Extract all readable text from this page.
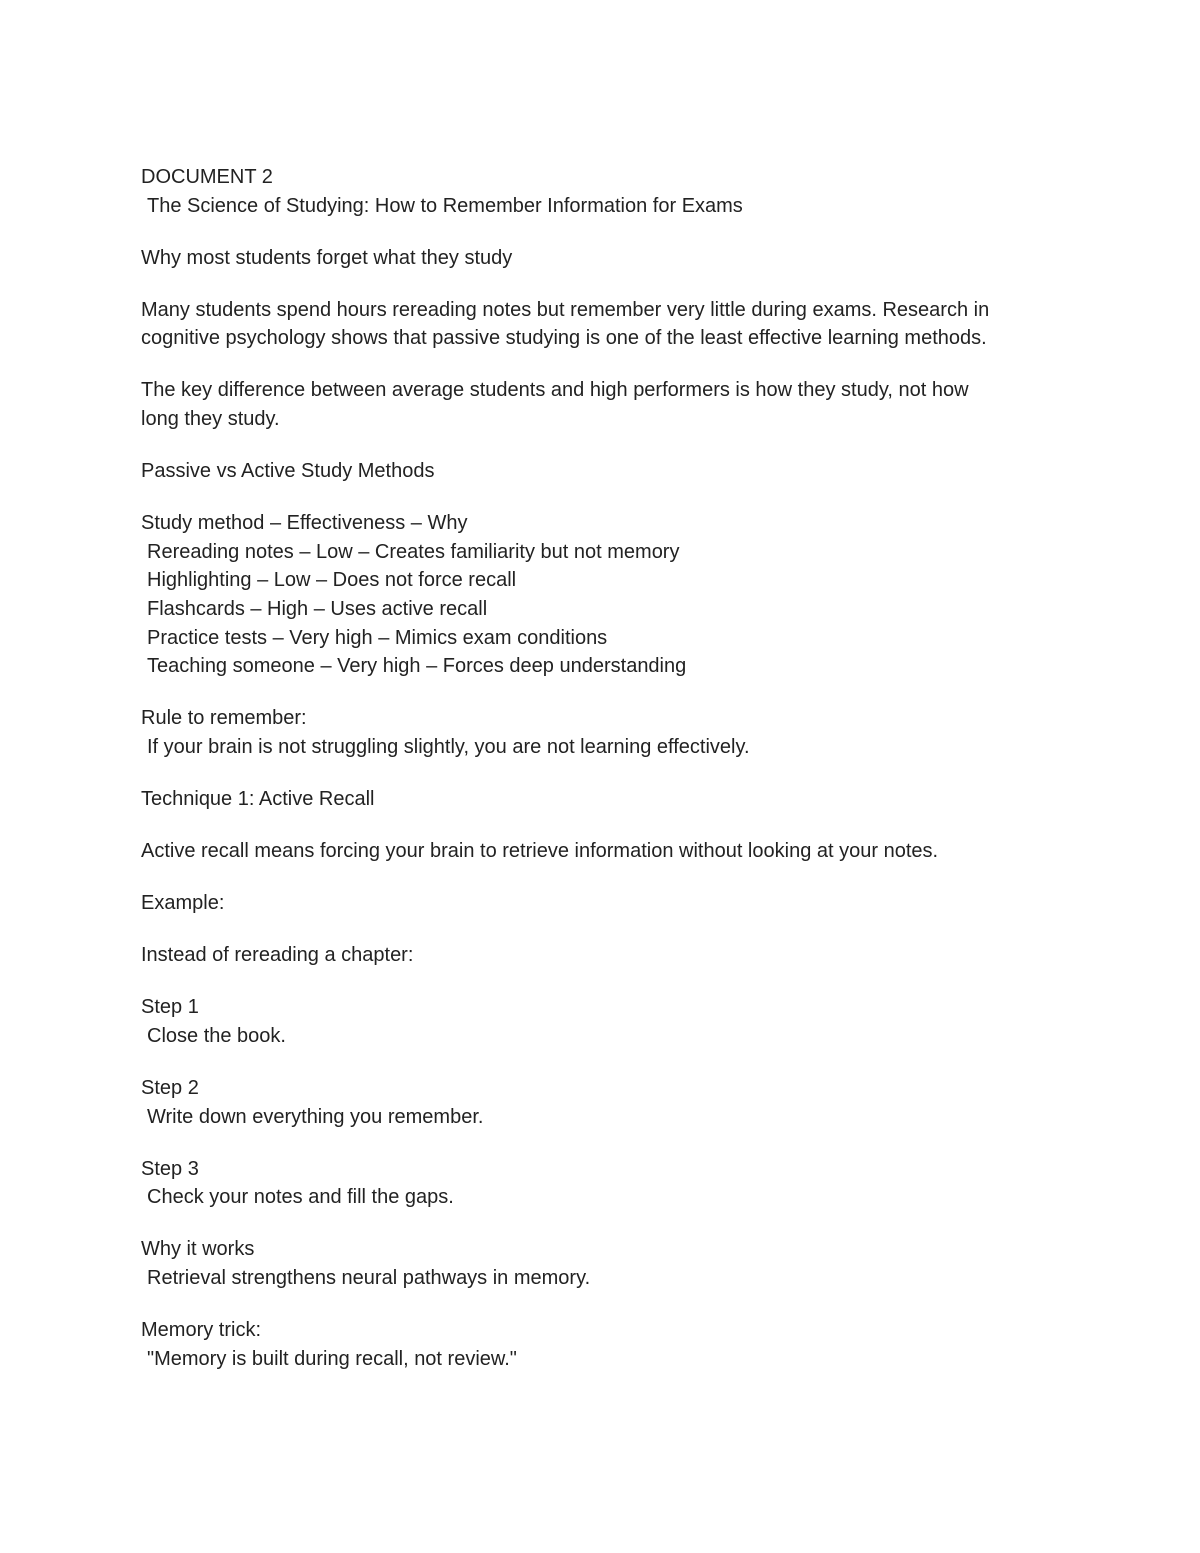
DOCUMENT 2
The Science of Studying: How to Remember Information for Exams
Why most students forget what they study
Many students spend hours rereading notes but remember very little during exams. Research in
cognitive psychology shows that passive studying is one of the least effective learning methods.
The key difference between average students and high performers is how they study, not how
long they study.
Passive vs Active Study Methods
Study method – Effectiveness – Why
Rereading notes – Low – Creates familiarity but not memory
Highlighting – Low – Does not force recall
Flashcards – High – Uses active recall
Practice tests – Very high – Mimics exam conditions
Teaching someone – Very high – Forces deep understanding
Rule to remember:
If your brain is not struggling slightly, you are not learning effectively.
Technique 1: Active Recall
Active recall means forcing your brain to retrieve information without looking at your notes.
Example:
Instead of rereading a chapter:
Step 1
Close the book.
Step 2
Write down everything you remember.
Step 3
Check your notes and fill the gaps.
Why it works
Retrieval strengthens neural pathways in memory.
Memory trick:
"Memory is built during recall, not review."
